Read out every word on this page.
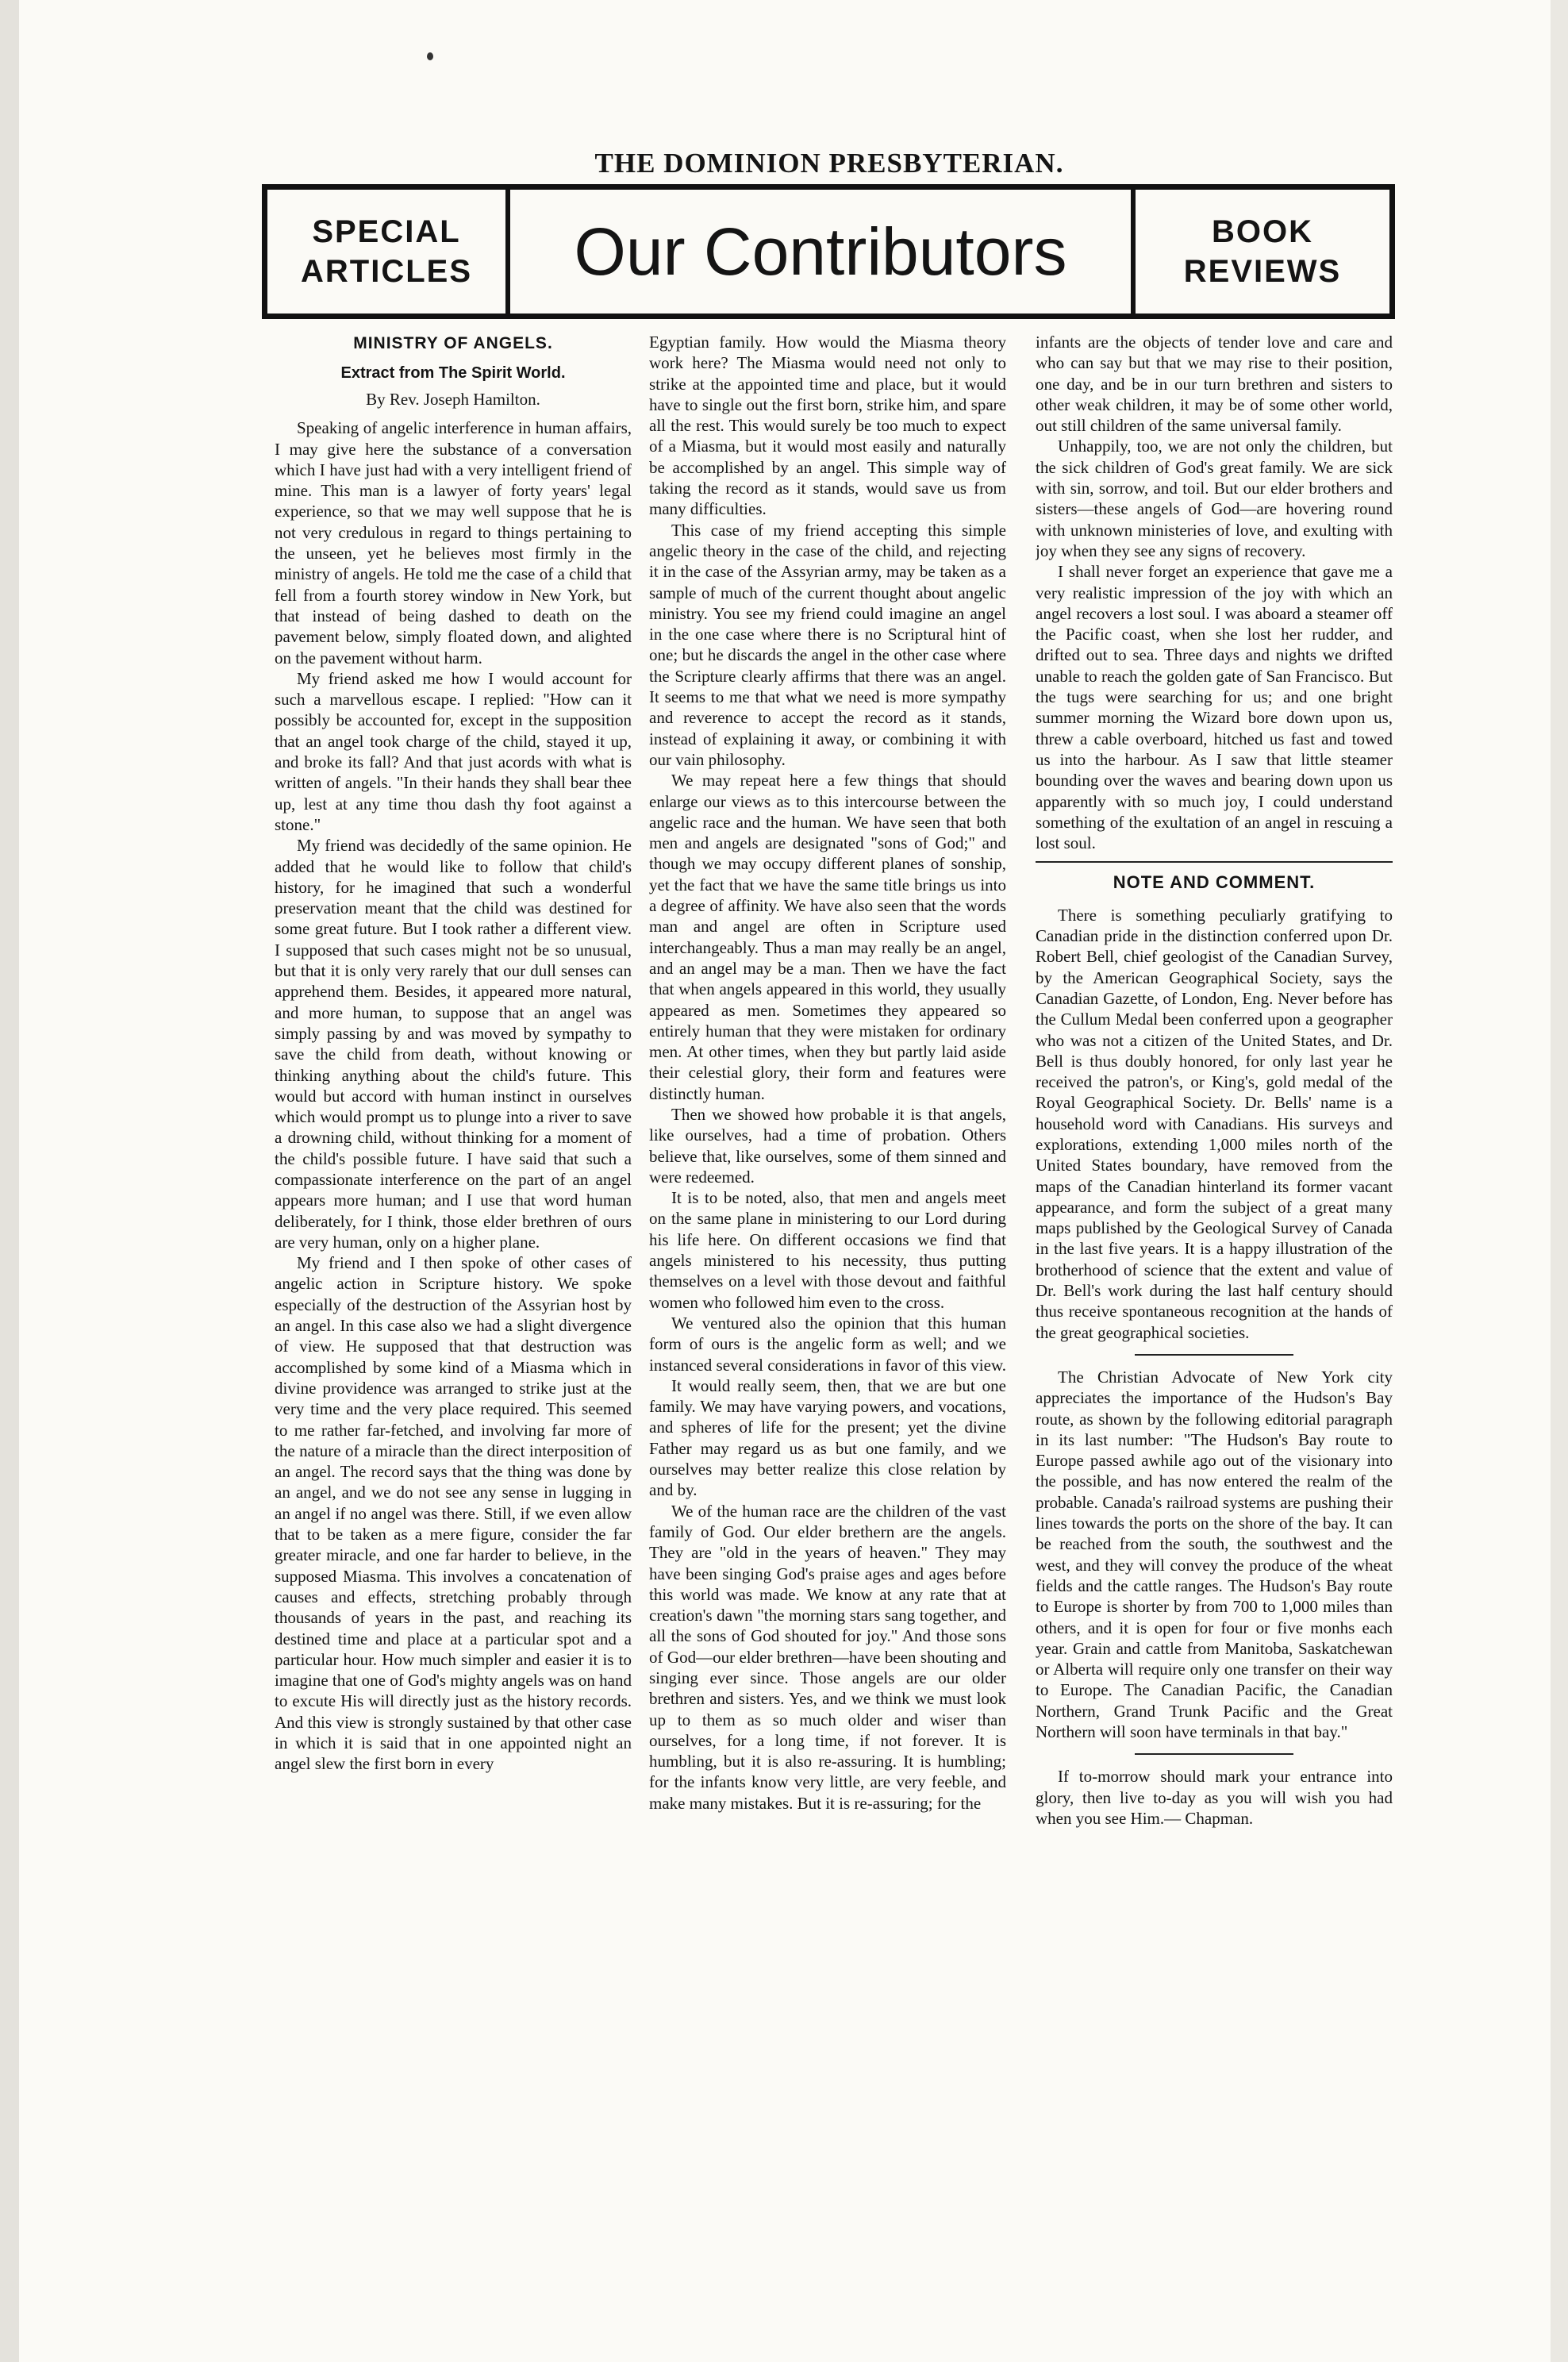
THE DOMINION PRESBYTERIAN.
SPECIAL
ARTICLES	Our Contributors	BOOK
REVIEWS
MINISTRY OF ANGELS.
Extract from The Spirit World.
By Rev. Joseph Hamilton.

Speaking of angelic interference in human affairs, I may give here the substance of a conversation which I have just had with a very intelligent friend of mine. This man is a lawyer of forty years' legal experience, so that we may well suppose that he is not very credulous in regard to things pertaining to the unseen, yet he believes most firmly in the ministry of angels. He told me the case of a child that fell from a fourth storey window in New York, but that instead of being dashed to death on the pavement below, simply floated down, and alighted on the pavement without harm.

My friend asked me how I would account for such a marvellous escape. I replied: "How can it possibly be accounted for, except in the supposition that an angel took charge of the child, stayed it up, and broke its fall? And that just acords with what is written of angels. "In their hands they shall bear thee up, lest at any time thou dash thy foot against a stone."

My friend was decidedly of the same opinion. He added that he would like to follow that child's history, for he imagined that such a wonderful preservation meant that the child was destined for some great future. But I took rather a different view. I supposed that such cases might not be so unusual, but that it is only very rarely that our dull senses can apprehend them. Besides, it appeared more natural, and more human, to suppose that an angel was simply passing by and was moved by sympathy to save the child from death, without knowing or thinking anything about the child's future. This would but accord with human instinct in ourselves which would prompt us to plunge into a river to save a drowning child, without thinking for a moment of the child's possible future. I have said that such a compassionate interference on the part of an angel appears more human; and I use that word human deliberately, for I think, those elder brethren of ours are very human, only on a higher plane.

My friend and I then spoke of other cases of angelic action in Scripture history. We spoke especially of the destruction of the Assyrian host by an angel. In this case also we had a slight divergence of view. He supposed that that destruction was accomplished by some kind of a Miasma which in divine providence was arranged to strike just at the very time and the very place required. This seemed to me rather far-fetched, and involving far more of the nature of a miracle than the direct interposition of an angel. The record says that the thing was done by an angel, and we do not see any sense in lugging in an angel if no angel was there. Still, if we even allow that to be taken as a mere figure, consider the far greater miracle, and one far harder to believe, in the supposed Miasma. This involves a concatenation of causes and effects, stretching probably through thousands of years in the past, and reaching its destined time and place at a particular spot and a particular hour. How much simpler and easier it is to imagine that one of God's mighty angels was on hand to excute His will directly just as the history records. And this view is strongly sustained by that other case in which it is said that in one appointed night an angel slew the first born in every

Egyptian family. How would the Miasma theory work here? The Miasma would need not only to strike at the appointed time and place, but it would have to single out the first born, strike him, and spare all the rest. This would surely be too much to expect of a Miasma, but it would most easily and naturally be accomplished by an angel. This simple way of taking the record as it stands, would save us from many difficulties.

This case of my friend accepting this simple angelic theory in the case of the child, and rejecting it in the case of the Assyrian army, may be taken as a sample of much of the current thought about angelic ministry. You see my friend could imagine an angel in the one case where there is no Scriptural hint of one; but he discards the angel in the other case where the Scripture clearly affirms that there was an angel. It seems to me that what we need is more sympathy and reverence to accept the record as it stands, instead of explaining it away, or combining it with our vain philosophy.

We may repeat here a few things that should enlarge our views as to this intercourse between the angelic race and the human. We have seen that both men and angels are designated "sons of God;" and though we may occupy different planes of sonship, yet the fact that we have the same title brings us into a degree of affinity. We have also seen that the words man and angel are often in Scripture used interchangeably. Thus a man may really be an angel, and an angel may be a man. Then we have the fact that when angels appeared in this world, they usually appeared as men. Sometimes they appeared so entirely human that they were mistaken for ordinary men. At other times, when they but partly laid aside their celestial glory, their form and features were distinctly human.

Then we showed how probable it is that angels, like ourselves, had a time of probation. Others believe that, like ourselves, some of them sinned and were redeemed.

It is to be noted, also, that men and angels meet on the same plane in ministering to our Lord during his life here. On different occasions we find that angels ministered to his necessity, thus putting themselves on a level with those devout and faithful women who followed him even to the cross.

We ventured also the opinion that this human form of ours is the angelic form as well; and we instanced several considerations in favor of this view.

It would really seem, then, that we are but one family. We may have varying powers, and vocations, and spheres of life for the present; yet the divine Father may regard us as but one family, and we ourselves may better realize this close relation by and by.

We of the human race are the children of the vast family of God. Our elder brethern are the angels. They are "old in the years of heaven." They may have been singing God's praise ages and ages before this world was made. We know at any rate that at creation's dawn "the morning stars sang together, and all the sons of God shouted for joy." And those sons of God—our elder brethren—have been shouting and singing ever since. Those angels are our older brethren and sisters. Yes, and we think we must look up to them as so much older and wiser than ourselves, for a long time, if not forever. It is humbling, but it is also re-assuring. It is humbling; for the infants know very little, are very feeble, and make many mistakes. But it is re-assuring; for the

infants are the objects of tender love and care and who can say but that we may rise to their position, one day, and be in our turn brethren and sisters to other weak children, it may be of some other world, out still children of the same universal family.

Unhappily, too, we are not only the children, but the sick children of God's great family. We are sick with sin, sorrow, and toil. But our elder brothers and sisters—these angels of God—are hovering round with unknown ministeries of love, and exulting with joy when they see any signs of recovery.

I shall never forget an experience that gave me a very realistic impression of the joy with which an angel recovers a lost soul. I was aboard a steamer off the Pacific coast, when she lost her rudder, and drifted out to sea. Three days and nights we drifted unable to reach the golden gate of San Francisco. But the tugs were searching for us; and one bright summer morning the Wizard bore down upon us, threw a cable overboard, hitched us fast and towed us into the harbour. As I saw that little steamer bounding over the waves and bearing down upon us apparently with so much joy, I could understand something of the exultation of an angel in rescuing a lost soul.

NOTE AND COMMENT.

There is something peculiarly gratifying to Canadian pride in the distinction conferred upon Dr. Robert Bell, chief geologist of the Canadian Survey, by the American Geographical Society, says the Canadian Gazette, of London, Eng. Never before has the Cullum Medal been conferred upon a geographer who was not a citizen of the United States, and Dr. Bell is thus doubly honored, for only last year he received the patron's, or King's, gold medal of the Royal Geographical Society. Dr. Bells' name is a household word with Canadians. His surveys and explorations, extending 1,000 miles north of the United States boundary, have removed from the maps of the Canadian hinterland its former vacant appearance, and form the subject of a great many maps published by the Geological Survey of Canada in the last five years. It is a happy illustration of the brotherhood of science that the extent and value of Dr. Bell's work during the last half century should thus receive spontaneous recognition at the hands of the great geographical societies.

The Christian Advocate of New York city appreciates the importance of the Hudson's Bay route, as shown by the following editorial paragraph in its last number: "The Hudson's Bay route to Europe passed awhile ago out of the visionary into the possible, and has now entered the realm of the probable. Canada's railroad systems are pushing their lines towards the ports on the shore of the bay. It can be reached from the south, the southwest and the west, and they will convey the produce of the wheat fields and the cattle ranges. The Hudson's Bay route to Europe is shorter by from 700 to 1,000 miles than others, and it is open for four or five monhs each year. Grain and cattle from Manitoba, Saskatchewan or Alberta will require only one transfer on their way to Europe. The Canadian Pacific, the Canadian Northern, Grand Trunk Pacific and the Great Northern will soon have terminals in that bay."

If to-morrow should mark your entrance into glory, then live to-day as you will wish you had when you see Him.— Chapman.
